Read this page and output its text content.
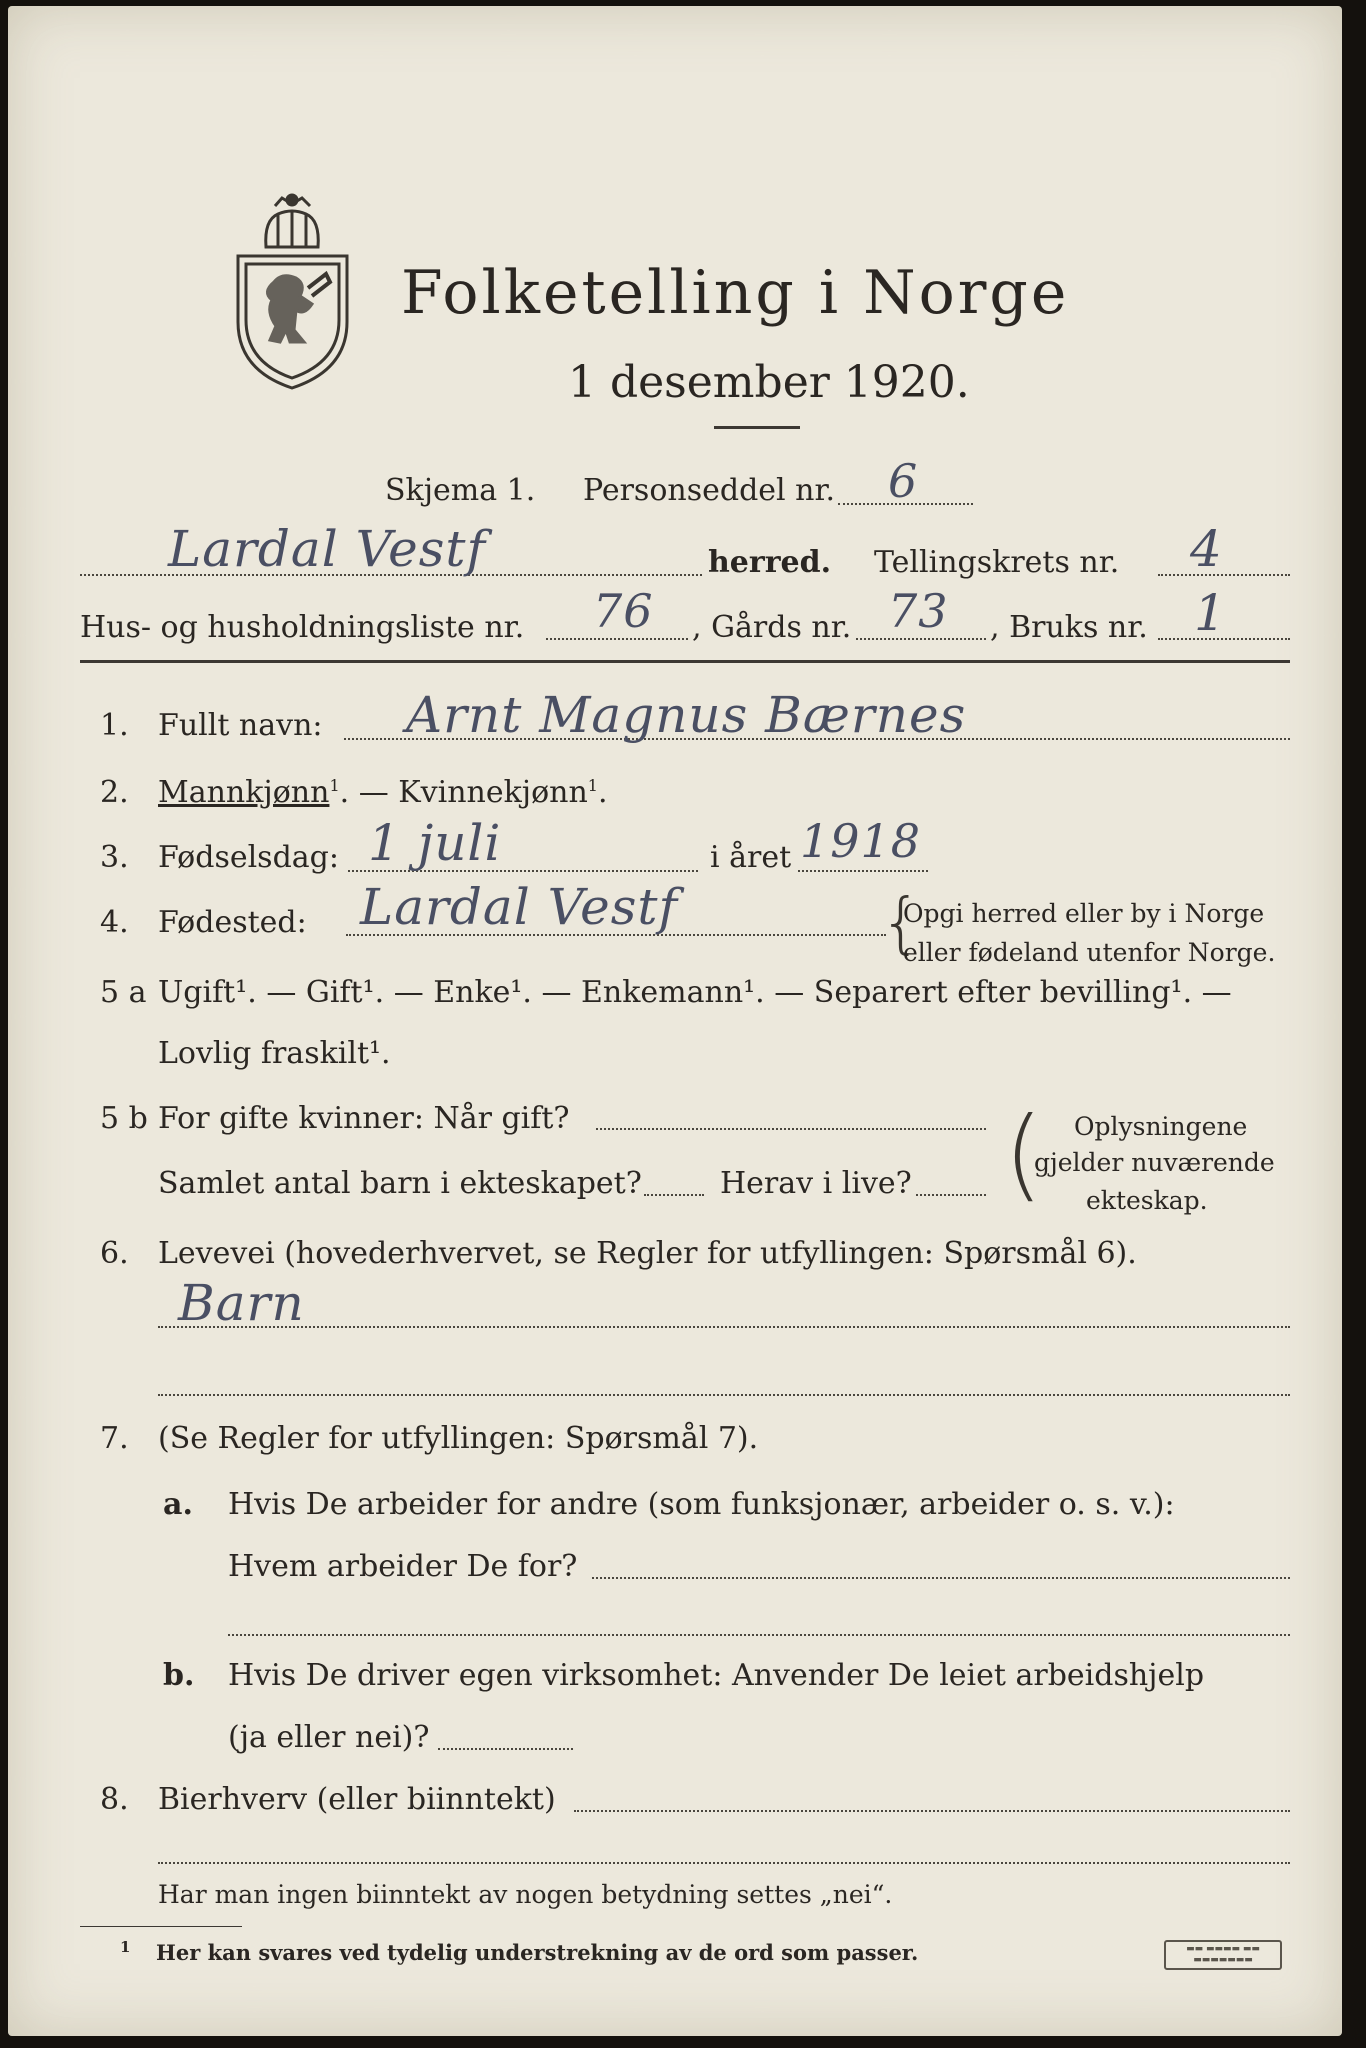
Folketelling i Norge
1 desember 1920.
Skjema 1. Personseddel nr. 6
Lardal Vestf	herred. Tellingskrets nr. 4
Hus- og husholdningsliste nr. 76 , Gårds nr. 73 , Bruks nr. 1
1. Fullt navn: Arnt Magnus Bærnes
2. Mannkjønn$^1$. — Kvinnekjønn$^1$.
3. Fødselsdag: 1 juli	i året 1918
4. Fødested: Lardal Vestf	{
Opgi herred eller by i Norge
eller fødeland utenfor Norge.
5 a Ugift¹. — Gift¹. — Enke¹. — Enkemann¹. — Separert efter bevilling¹. —
Lovlig fraskilt¹.
5 b For gifte kvinner: Når gift?
Samlet antal barn i ekteskapet?	Herav i live? ( Oplysningene
gjelder nuværende
ekteskap.
6. Levevei (hovederhvervet, se Regler for utfyllingen: Spørsmål 6).
Barn
7. (Se Regler for utfyllingen: Spørsmål 7).
a. Hvis De arbeider for andre (som funksjonær, arbeider o. s. v.):
Hvem arbeider De for?
b. Hvis De driver egen virksomhet: Anvender De leiet arbeidshjelp
(ja eller nei)?
8. Bierhverv (eller biinntekt)
Har man ingen biinntekt av nogen betydning settes „nei“.
1 Her kan svares ved tydelig understrekning av de ord som passer.	▬▬ ▬▬▬▬ ▬▬
▬▬▬▬▬▬▬
